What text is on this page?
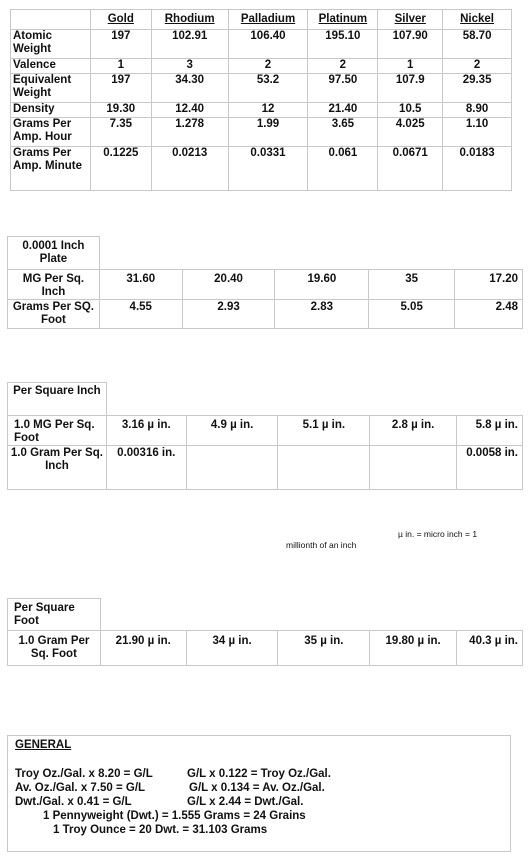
	Gold	Rhodium	Palladium	Platinum	Silver	Nickel
Atomic Weight	197	102.91	106.40	195.10	107.90	58.70
Valence	1	3	2	2	1	2
Equivalent Weight	197	34.30	53.2	97.50	107.9	29.35
Density	19.30	12.40	12	21.40	10.5	8.90
Grams Per Amp. Hour	7.35	1.278	1.99	3.65	4.025	1.10
Grams Per Amp. Minute	0.1225	0.0213	0.0331	0.061	0.0671	0.0183
0.0001 Inch Plate					
MG Per Sq. Inch	31.60	20.40	19.60	35	17.20
Grams Per SQ. Foot	4.55	2.93	2.83	5.05	2.48
Per Square Inch					
1.0 MG Per Sq. Foot	3.16 µ in.	4.9 µ in.	5.1 µ in.	2.8 µ in.	5.8 µ in.
1.0 Gram Per Sq. Inch	0.00316 in.				0.0058 in.
µ in. = micro inch = 1
millionth of an inch
Per Square Foot					
1.0 Gram Per Sq. Foot	21.90 µ in.	34 µ in.	35 µ in.	19.80 µ in.	40.3 µ in.
GENERAL
Troy Oz./Gal. x 8.20 = G/L
Av. Oz./Gal. x 7.50 = G/L
Dwt./Gal. x 0.41 = G/L
G/L x 0.122 = Troy Oz./Gal.
G/L x 0.134 = Av. Oz./Gal.
G/L x 2.44 = Dwt./Gal.
1 Pennyweight (Dwt.) = 1.555 Grams = 24 Grains
1 Troy Ounce = 20 Dwt. = 31.103 Grams
